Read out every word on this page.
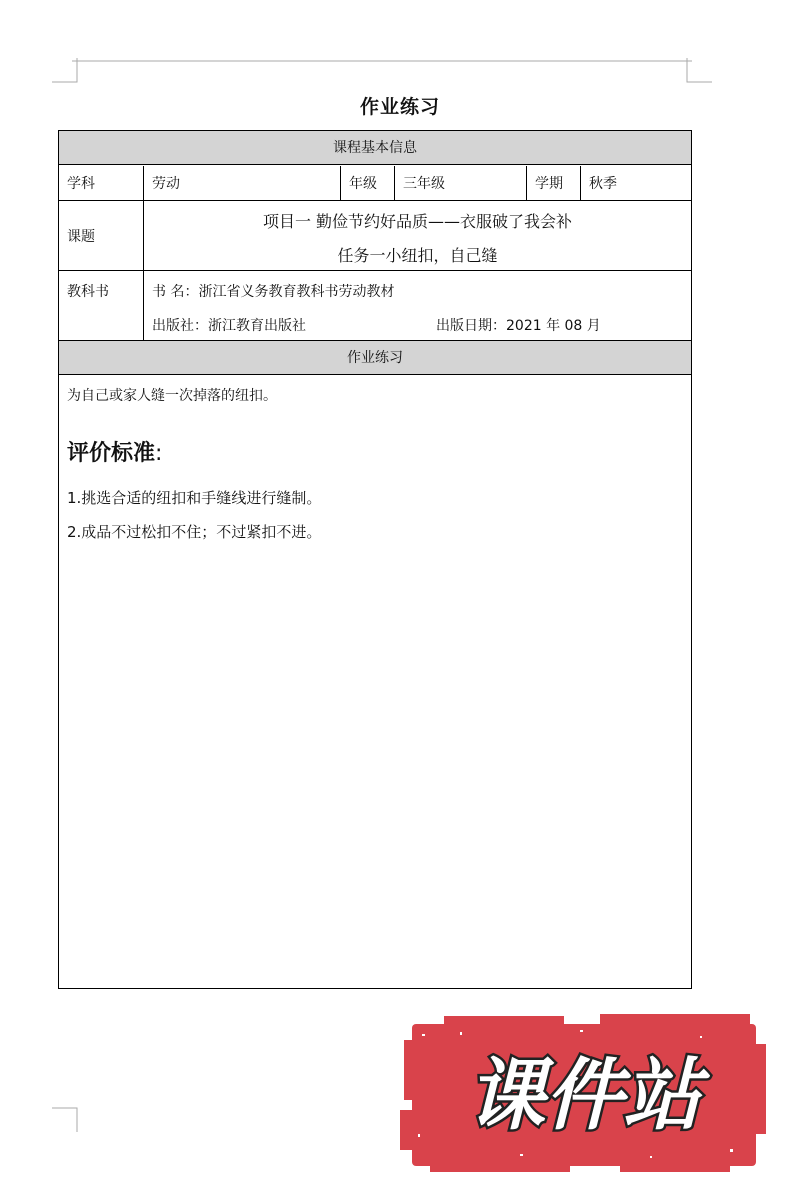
作业练习
课程基本信息
学科	劳动	年级	三年级	学期	秋季
课题
项目一 勤俭节约好品质——衣服破了我会补
任务一小纽扣，自己缝
教科书	书 名：浙江省义务教育教科书劳动教材
出版社：浙江教育出版社	出版日期：2021 年 08 月
作业练习
为自己或家人缝一次掉落的纽扣。
评价标准:
1.挑选合适的纽扣和手缝线进行缝制。
2.成品不过松扣不住；不过紧扣不进。
课件站
